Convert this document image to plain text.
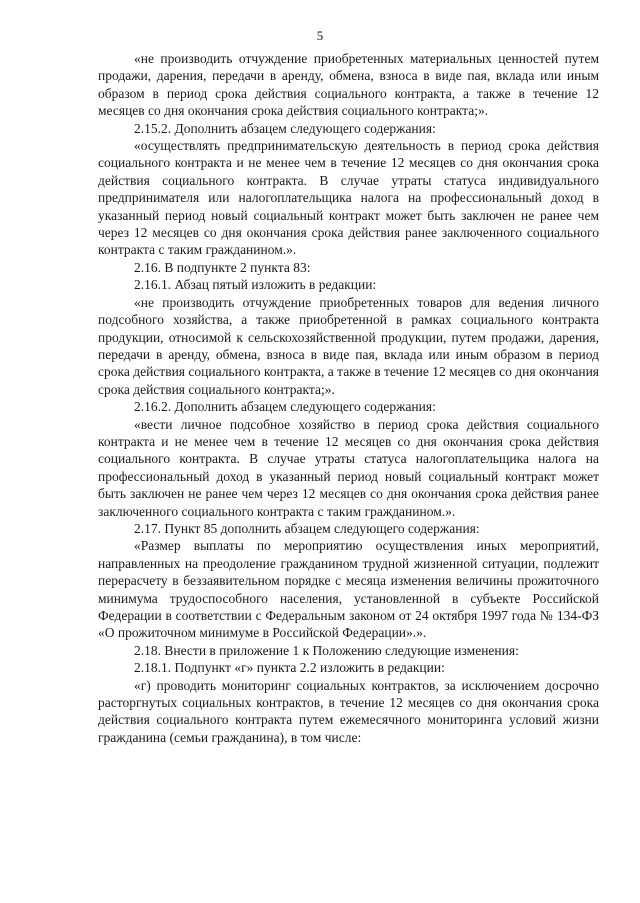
5

«не производить отчуждение приобретенных материальных ценностей путем продажи, дарения, передачи в аренду, обмена, взноса в виде пая, вклада или иным образом в период срока действия социального контракта, а также в течение 12 месяцев со дня окончания срока действия социального контракта;».

2.15.2. Дополнить абзацем следующего содержания:

«осуществлять предпринимательскую деятельность в период срока действия социального контракта и не менее чем в течение 12 месяцев со дня окончания срока действия социального контракта. В случае утраты статуса индивидуального предпринимателя или налогоплательщика налога на профессиональный доход в указанный период новый социальный контракт может быть заключен не ранее чем через 12 месяцев со дня окончания срока действия ранее заключенного социального контракта с таким гражданином.».

2.16. В подпункте 2 пункта 83:

2.16.1. Абзац пятый изложить в редакции:

«не производить отчуждение приобретенных товаров для ведения личного подсобного хозяйства, а также приобретенной в рамках социального контракта продукции, относимой к сельскохозяйственной продукции, путем продажи, дарения, передачи в аренду, обмена, взноса в виде пая, вклада или иным образом в период срока действия социального контракта, а также в течение 12 месяцев со дня окончания срока действия социального контракта;».

2.16.2. Дополнить абзацем следующего содержания:

«вести личное подсобное хозяйство в период срока действия социального контракта и не менее чем в течение 12 месяцев со дня окончания срока действия социального контракта. В случае утраты статуса налогоплательщика налога на профессиональный доход в указанный период новый социальный контракт может быть заключен не ранее чем через 12 месяцев со дня окончания срока действия ранее заключенного социального контракта с таким гражданином.».

2.17. Пункт 85 дополнить абзацем следующего содержания:

«Размер выплаты по мероприятию осуществления иных мероприятий, направленных на преодоление гражданином трудной жизненной ситуации, подлежит перерасчету в беззаявительном порядке с месяца изменения величины прожиточного минимума трудоспособного населения, установленной в субъекте Российской Федерации в соответствии с Федеральным законом от 24 октября 1997 года № 134-ФЗ «О прожиточном минимуме в Российской Федерации».».

2.18. Внести в приложение 1 к Положению следующие изменения:

2.18.1. Подпункт «г» пункта 2.2 изложить в редакции:

«г) проводить мониторинг социальных контрактов, за исключением досрочно расторгнутых социальных контрактов, в течение 12 месяцев со дня окончания срока действия социального контракта путем ежемесячного мониторинга условий жизни гражданина (семьи гражданина), в том числе:
